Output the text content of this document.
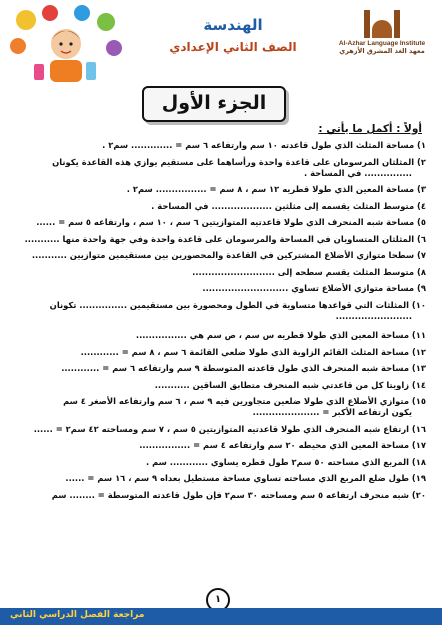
Al-Azhar Language Institute
معهد الغد المشرق الأزهري
الهندسة
الصف الثاني الإعدادي
الجزء الأول
أولاً : أكمل ما يأتي :
١) مساحة المثلث الذي طول قاعدته ١٠ سم وارتفاعه ٦ سم = ............. سم٢ .
٢) المثلثان المرسومان على قاعدة واحدة ورأساهما على مستقيم يوازي هذه القاعدة يكونان
............... في المساحة .
٣) مساحة المعين الذي طولا قطريه ١٢ سم ، ٨ سم = ................ سم٢ .
٤) متوسط المثلث يقسمه إلى مثلثين ................... في المساحة .
٥) مساحة شبه المنحرف الذي طولا قاعدتيه المتوازيتين ٦ سم ، ١٠ سم ، وارتفاعه ٥ سم = ......
٦) المثلثان المتساويان في المساحة والمرسومان على قاعدة واحدة وفي جهة واحدة منها ...........
٧) سطحا متوازي الأضلاع المشتركين في القاعدة والمحصورين بين مستقيمين متوازيين ...........
٨) متوسط المثلث يقسم سطحه إلى ..........................
٩) مساحة متوازي الأضلاع تساوي ...........................
١٠) المثلثات التي قواعدها متساوية في الطول ومحصورة بين مستقيمين ............... تكونان
........................
١١) مساحة المعين الذي طولا قطريه س سم ، ص سم هي ................
١٢) مساحة المثلث القائم الزاوية الذي طولا ضلعي القائمة ٦ سم ، ٨ سم = ............
١٣) مساحة شبه المنحرف الذي طول قاعدته المتوسطة ٩ سم وارتفاعه ٦ سم = ............
١٤) زاويتا كل من قاعدتي شبه المنحرف متطابق الساقين ...........
١٥) متوازي الأضلاع الذي طولا ضلعين متجاورين فيه ٩ سم ، ٦ سم وارتفاعه الأصغر ٤ سم
يكون ارتفاعه الأكبر = .....................
١٦) ارتفاع شبه المنحرف الذي طولا قاعدتيه المتوازيتين ٥ سم ، ٧ سم ومساحته ٤٢ سم٢ = ......
١٧) مساحة المعين الذي محيطه ٢٠ سم وارتفاعه ٤ سم = ................
١٨) المربع الذي مساحته ٥٠ سم٢ طول قطره يساوي ............ سم .
١٩) طول ضلع المربع الذي مساحته تساوي مساحة مستطيل بعداه ٩ سم ، ١٦ سم = ......
٢٠) شبه منحرف ارتفاعه ٥ سم ومساحته ٣٠ سم٢ فإن طول قاعدته المتوسطة = ........ سم
١
مراجعة الفصل الدراسي الثاني
